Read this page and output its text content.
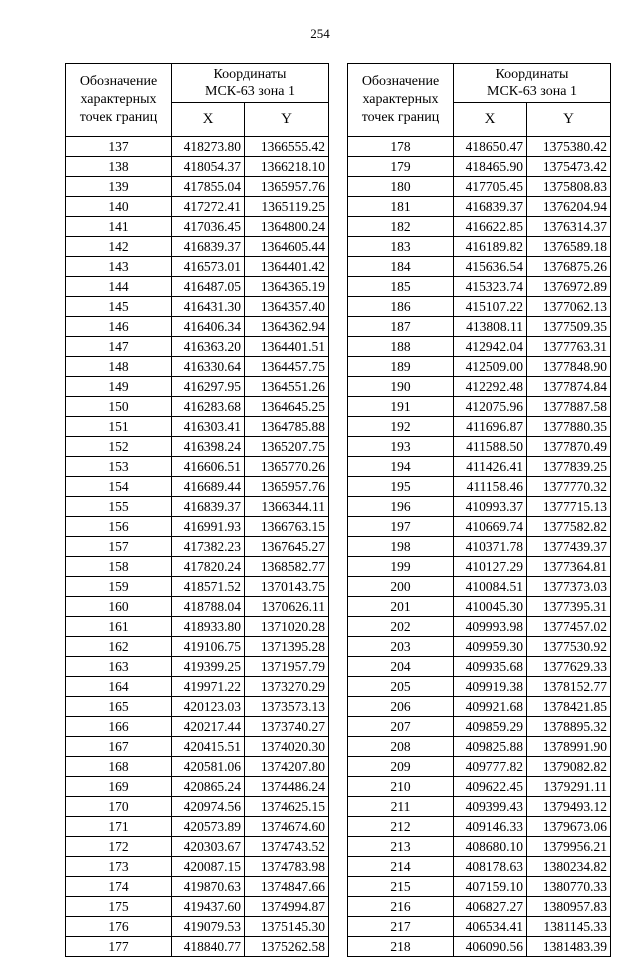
254
Обозначение
характерных
точек границ	Координаты
МСК-63 зона 1	
	X	Y
137	418273.80	1366555.42
138	418054.37	1366218.10
139	417855.04	1365957.76
140	417272.41	1365119.25
141	417036.45	1364800.24
142	416839.37	1364605.44
143	416573.01	1364401.42
144	416487.05	1364365.19
145	416431.30	1364357.40
146	416406.34	1364362.94
147	416363.20	1364401.51
148	416330.64	1364457.75
149	416297.95	1364551.26
150	416283.68	1364645.25
151	416303.41	1364785.88
152	416398.24	1365207.75
153	416606.51	1365770.26
154	416689.44	1365957.76
155	416839.37	1366344.11
156	416991.93	1366763.15
157	417382.23	1367645.27
158	417820.24	1368582.77
159	418571.52	1370143.75
160	418788.04	1370626.11
161	418933.80	1371020.28
162	419106.75	1371395.28
163	419399.25	1371957.79
164	419971.22	1373270.29
165	420123.03	1373573.13
166	420217.44	1373740.27
167	420415.51	1374020.30
168	420581.06	1374207.80
169	420865.24	1374486.24
170	420974.56	1374625.15
171	420573.89	1374674.60
172	420303.67	1374743.52
173	420087.15	1374783.98
174	419870.63	1374847.66
175	419437.60	1374994.87
176	419079.53	1375145.30
177	418840.77	1375262.58
Обозначение
характерных
точек границ	Координаты
МСК-63 зона 1	
	X	Y
178	418650.47	1375380.42
179	418465.90	1375473.42
180	417705.45	1375808.83
181	416839.37	1376204.94
182	416622.85	1376314.37
183	416189.82	1376589.18
184	415636.54	1376875.26
185	415323.74	1376972.89
186	415107.22	1377062.13
187	413808.11	1377509.35
188	412942.04	1377763.31
189	412509.00	1377848.90
190	412292.48	1377874.84
191	412075.96	1377887.58
192	411696.87	1377880.35
193	411588.50	1377870.49
194	411426.41	1377839.25
195	411158.46	1377770.32
196	410993.37	1377715.13
197	410669.74	1377582.82
198	410371.78	1377439.37
199	410127.29	1377364.81
200	410084.51	1377373.03
201	410045.30	1377395.31
202	409993.98	1377457.02
203	409959.30	1377530.92
204	409935.68	1377629.33
205	409919.38	1378152.77
206	409921.68	1378421.85
207	409859.29	1378895.32
208	409825.88	1378991.90
209	409777.82	1379082.82
210	409622.45	1379291.11
211	409399.43	1379493.12
212	409146.33	1379673.06
213	408680.10	1379956.21
214	408178.63	1380234.82
215	407159.10	1380770.33
216	406827.27	1380957.83
217	406534.41	1381145.33
218	406090.56	1381483.39
